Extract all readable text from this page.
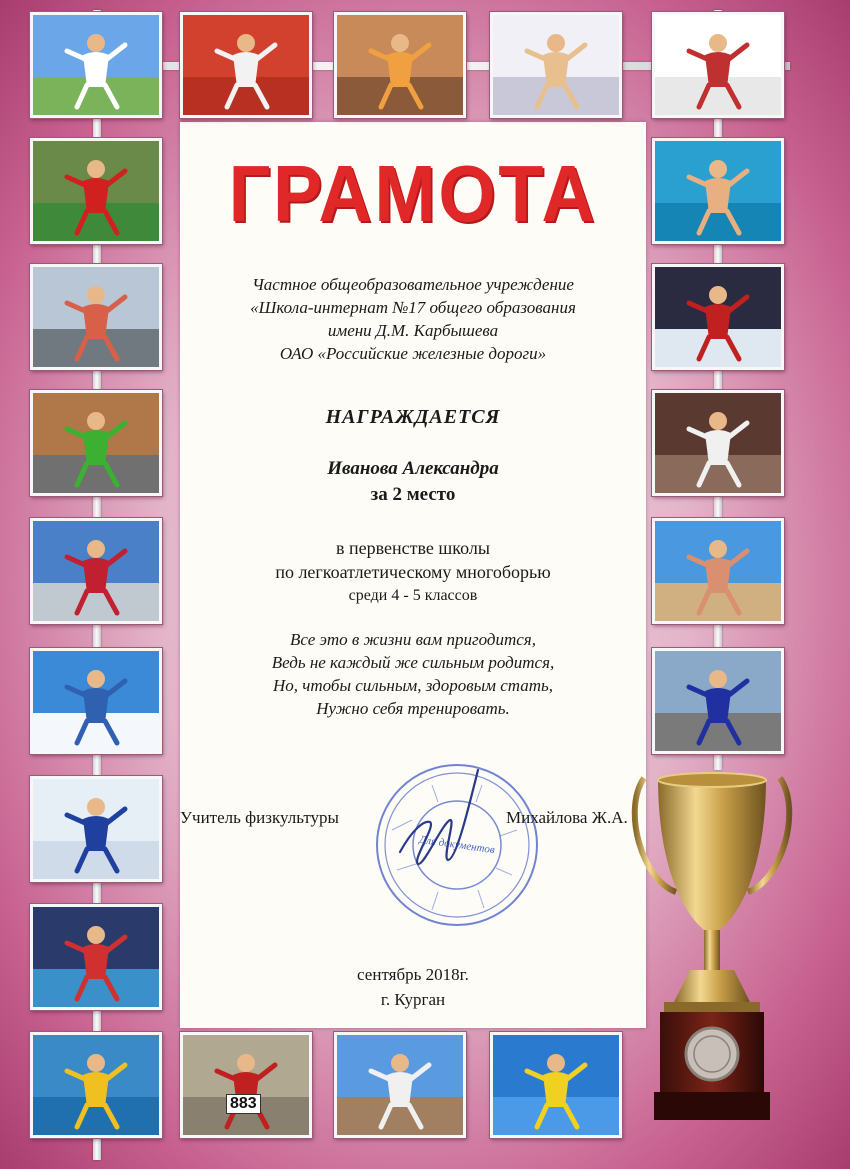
ГРАМОТА
Частное общеобразовательное учреждение
«Школа-интернат №17 общего образования
имени Д.М. Карбышева
ОАО «Российские железные дороги»
НАГРАЖДАЕТСЯ
Иванова Александра
за 2 место
в первенстве школы
по легкоатлетическому многоборью
среди 4 - 5 классов
Все это в жизни вам пригодится,
Ведь не каждый же сильным родится,
Но, чтобы сильным, здоровым стать,
Нужно себя тренировать.
Для документов
Учитель физкультуры	Михайлова Ж.А.
сентябрь 2018г.
г. Курган
883
